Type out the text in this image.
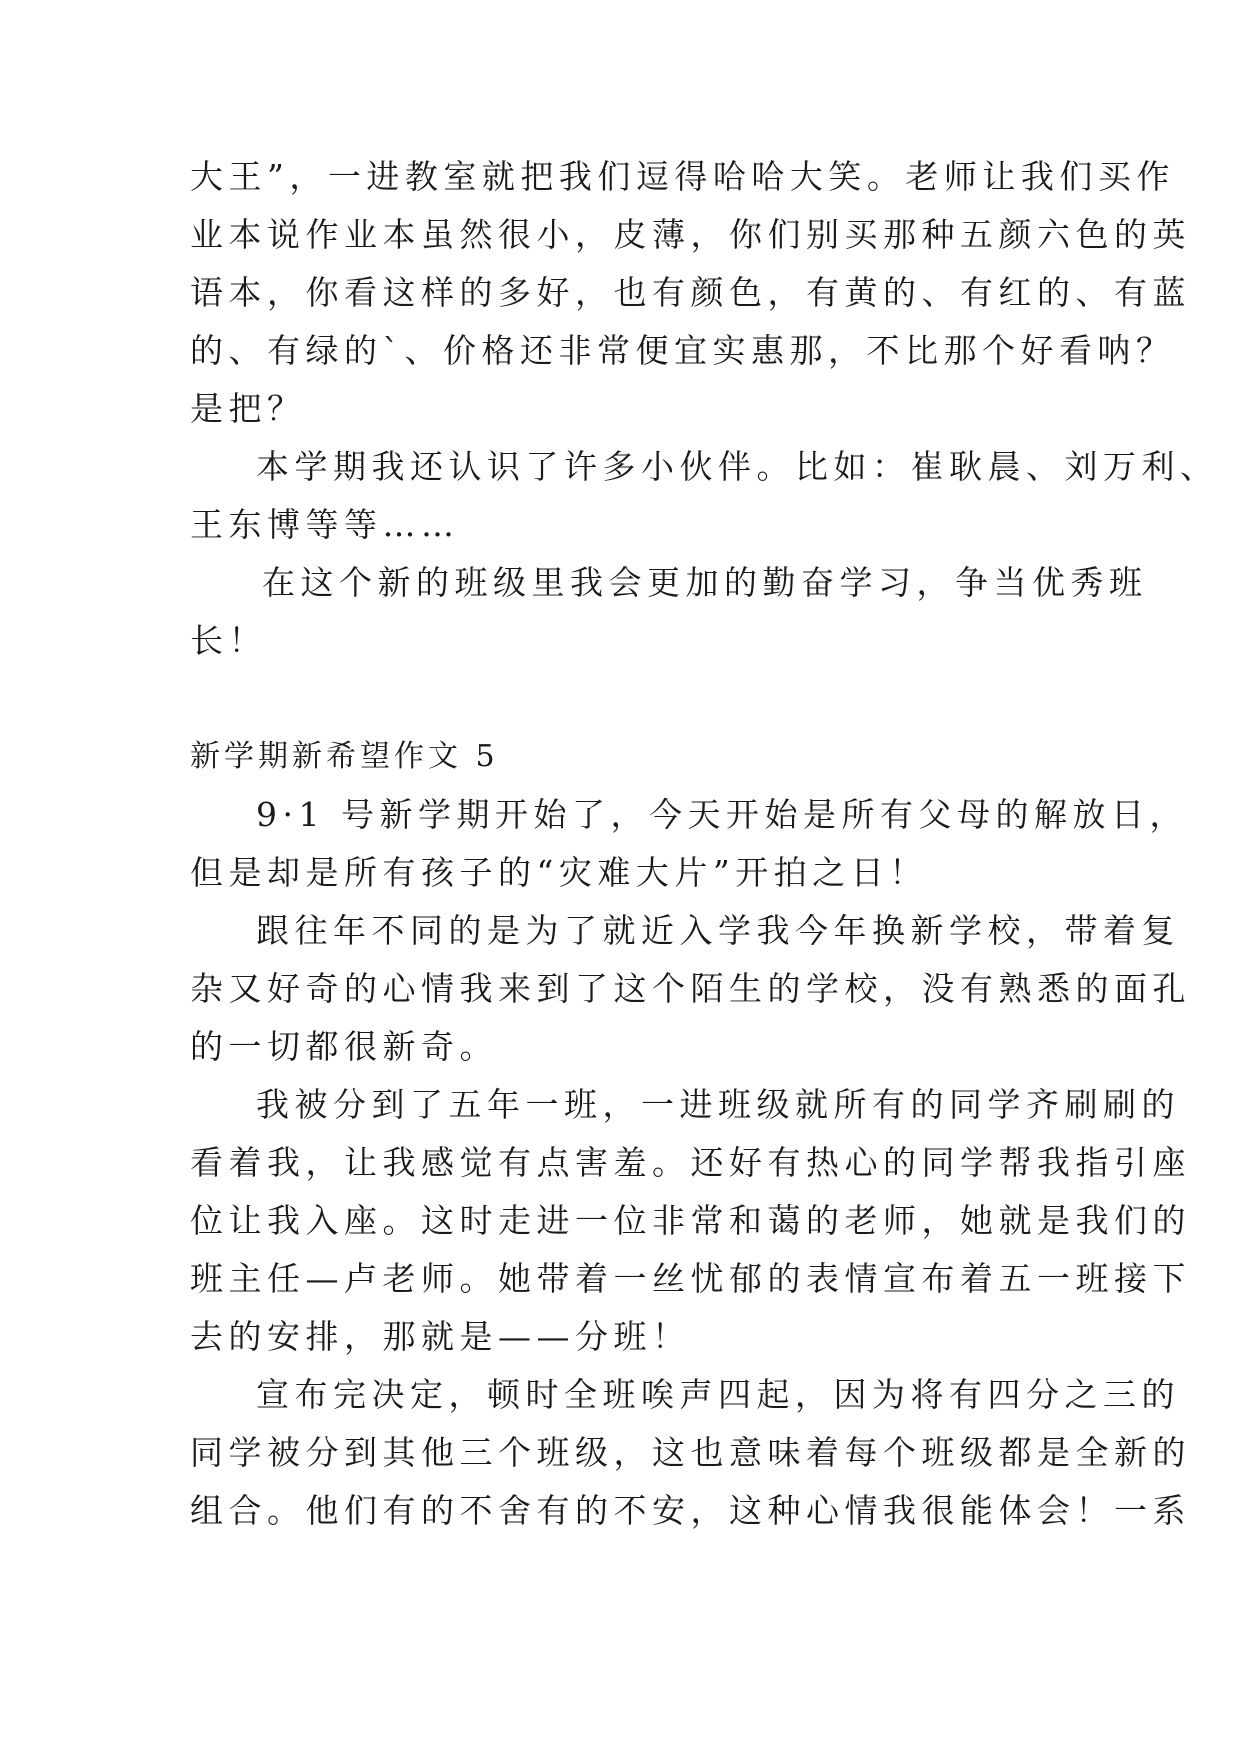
大王”，一进教室就把我们逗得哈哈大笑。老师让我们买作
业本说作业本虽然很小，皮薄，你们别买那种五颜六色的英
语本，你看这样的多好，也有颜色，有黄的、有红的、有蓝
的、有绿的`、价格还非常便宜实惠那，不比那个好看呐？
是把？
本学期我还认识了许多小伙伴。比如：崔耿晨、刘万利、
王东博等等……
在这个新的班级里我会更加的勤奋学习，争当优秀班
长！
新学期新希望作文 5
9·1 号新学期开始了，今天开始是所有父母的解放日，
但是却是所有孩子的“灾难大片”开拍之日！
跟往年不同的是为了就近入学我今年换新学校，带着复
杂又好奇的心情我来到了这个陌生的学校，没有熟悉的面孔
的一切都很新奇。
我被分到了五年一班，一进班级就所有的同学齐刷刷的
看着我，让我感觉有点害羞。还好有热心的同学帮我指引座
位让我入座。这时走进一位非常和蔼的老师，她就是我们的
班主任—卢老师。她带着一丝忧郁的表情宣布着五一班接下
去的安排，那就是——分班！
宣布完决定，顿时全班唉声四起，因为将有四分之三的
同学被分到其他三个班级，这也意味着每个班级都是全新的
组合。他们有的不舍有的不安，这种心情我很能体会！一系
